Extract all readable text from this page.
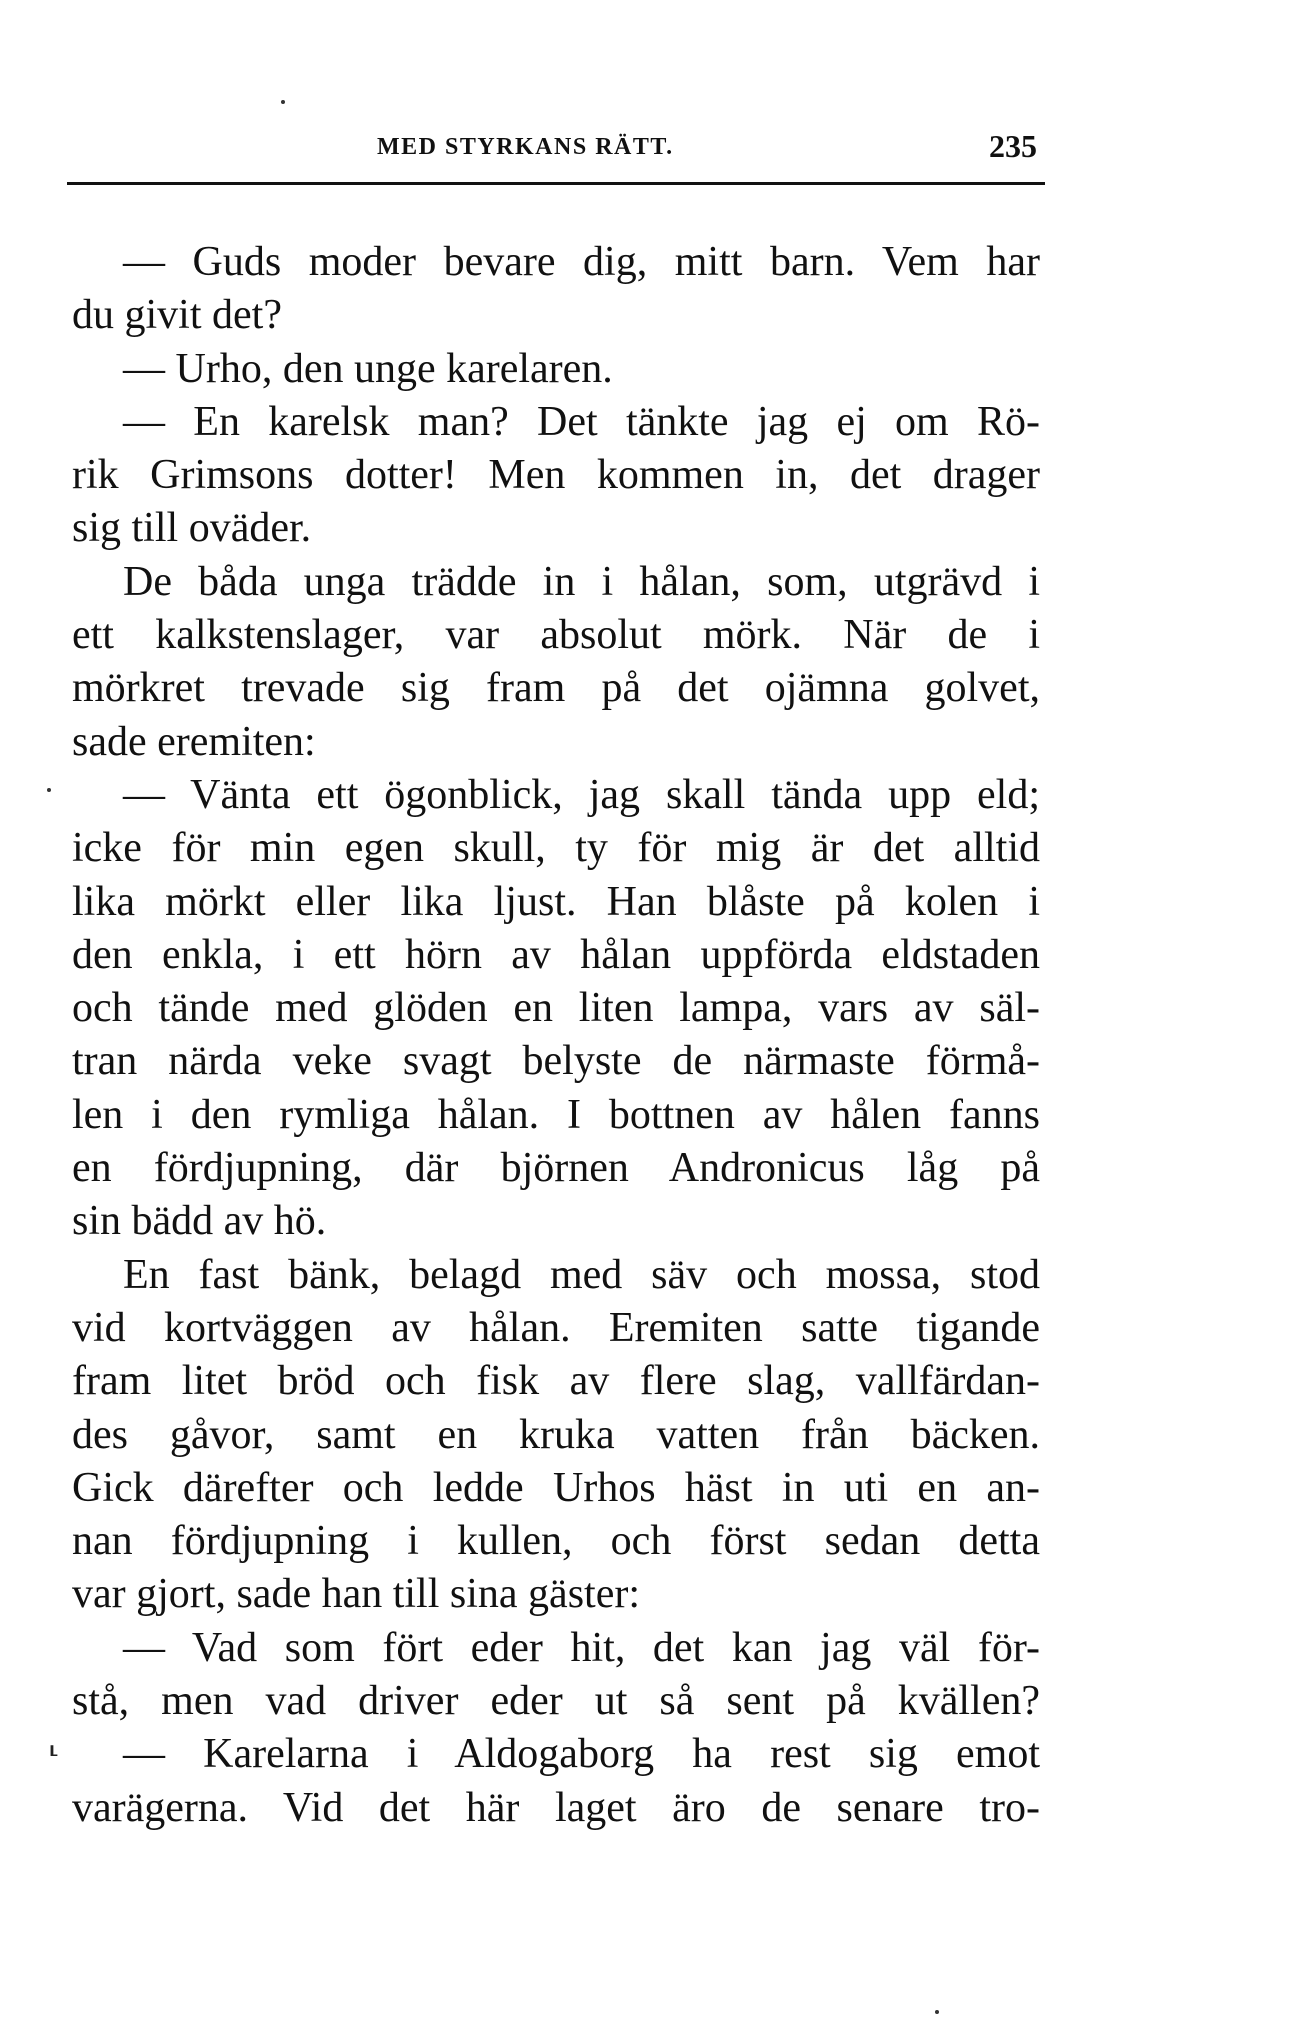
MED STYRKANS RÄTT.	235
— Guds moder bevare dig, mitt barn. Vem har
du givit det?
— Urho, den unge karelaren.
— En karelsk man? Det tänkte jag ej om Rö-
rik Grimsons dotter! Men kommen in, det drager
sig till oväder.
De båda unga trädde in i hålan, som, utgrävd i
ett kalkstenslager, var absolut mörk. När de i
mörkret trevade sig fram på det ojämna golvet,
sade eremiten:
— Vänta ett ögonblick, jag skall tända upp eld;
icke för min egen skull, ty för mig är det alltid
lika mörkt eller lika ljust. Han blåste på kolen i
den enkla, i ett hörn av hålan uppförda eldstaden
och tände med glöden en liten lampa, vars av säl-
tran närda veke svagt belyste de närmaste förmå-
len i den rymliga hålan. I bottnen av hålen fanns
en fördjupning, där björnen Andronicus låg på
sin bädd av hö.
En fast bänk, belagd med säv och mossa, stod
vid kortväggen av hålan. Eremiten satte tigande
fram litet bröd och fisk av flere slag, vallfärdan-
des gåvor, samt en kruka vatten från bäcken.
Gick därefter och ledde Urhos häst in uti en an-
nan fördjupning i kullen, och först sedan detta
var gjort, sade han till sina gäster:
— Vad som fört eder hit, det kan jag väl för-
stå, men vad driver eder ut så sent på kvällen?
— Karelarna i Aldogaborg ha rest sig emot
varägerna. Vid det här laget äro de senare tro-
⸤
